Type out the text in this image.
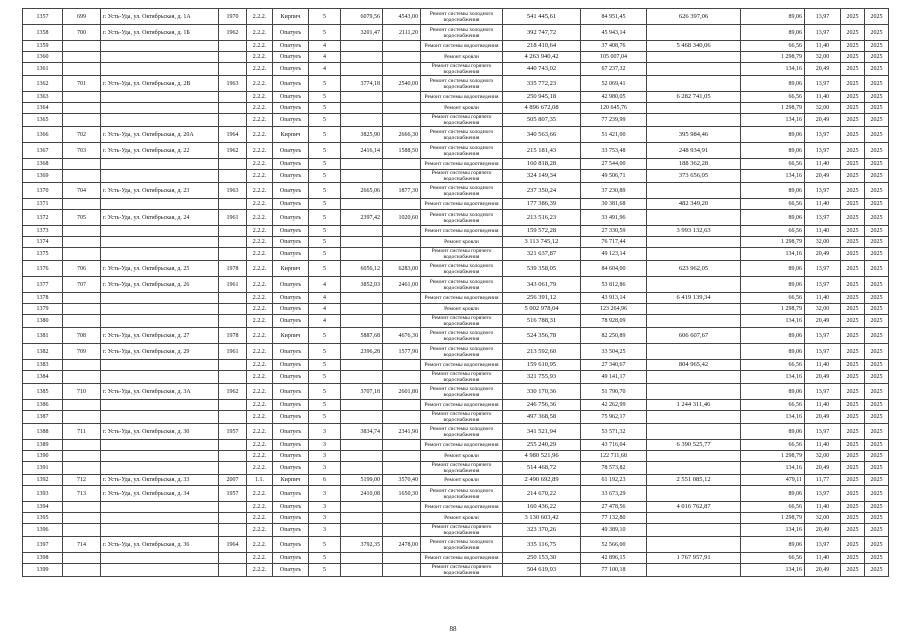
1357	699	г. Усть-Уда, ул. Октябрьская, д. 1А	1970	2.2.2.	Кирпич	5	6079,56	4543,00	Ремонт системы холодного водоснабжения	541 445,61	84 951,45	626 397,06	89,06	13,97	2025	2025
1358	700	г. Усть-Уда, ул. Октябрьская, д. 1Б	1962	2.2.2.	Опатуеъ	5	3201,47	2111,20	Ремонт системы холодного водоснабжения	392 747,72	45 943,14		89,06	13,97	2025	2025
1359				2.2.2.	Опатуеъ	4			Ремонт системы водоотведения	218 410,64	37 408,76	5 468 340,06	66,56	11,40	2025	2025
1360				2.2.2.	Опатуеъ	4			Ремонт кровли	4 263 940,42	105 007,04		1 298,79	32,00	2025	2025
1361				2.2.2.	Опатуеъ	4			Ремонт системы горячего водоснабжения	440 743,02	67 237,32		134,16	20,49	2025	2025
1362	701	г. Усть-Уда, ул. Октябрьская, д. 2В	1963	2.2.2.	Опатуеъ	5	3774,18	2540,00	Ремонт системы холодного водоснабжения	335 772,23	52 069,41		89,06	13,97	2025	2025
1363				2.2.2.	Опатуеъ	5			Ремонт системы водоотведения	250 945,18	42 980,05	6 282 741,05	66,56	11,40	2025	2025
1364				2.2.2.	Опатуеъ	5			Ремонт кровли	4 896 672,08	120 645,76		1 298,79	32,00	2025	2025
1365				2.2.2.	Опатуеъ	5			Ремонт системы горячего водоснабжения	505 807,35	77 239,99		134,16	20,49	2025	2025
1366	702	г. Усть-Уда, ул. Октябрьская, д. 20А	1964	2.2.2.	Кирпич	5	3825,90	2666,30	Ремонт системы холодного водоснабжения	340 563,66	51 421,00	395 984,46	89,06	13,97	2025	2025
1367	703	г. Усть-Уда, ул. Октябрьская, д. 22	1962	2.2.2.	Опатуеъ	5	2416,14	1588,50	Ремонт системы холодного водоснабжения	215 181,43	33 753,48	248 934,91	89,06	13,97	2025	2025
1368				2.2.2.	Опатуеъ	5			Ремонт системы водоотведения	160 818,28	27 544,00	188 362,28	66,56	11,40	2025	2025
1369				2.2.2.	Опатуеъ	5			Ремонт системы горячего водоснабжения	324 149,34	49 506,71	373 656,05	134,16	20,49	2025	2025
1370	704	г. Усть-Уда, ул. Октябрьская, д. 23	1963	2.2.2.	Опатуеъ	5	2665,06	1877,30	Ремонт системы холодного водоснабжения	237 350,24	37 230,89		89,06	13,97	2025	2025
1371				2.2.2.	Опатуеъ	5			Ремонт системы водоотведения	177 386,39	30 381,68	482 349,20	66,56	11,40	2025	2025
1372	705	г. Усть-Уда, ул. Октябрьская, д. 24	1961	2.2.2.	Опатуеъ	5	2397,42	1020,60	Ремонт системы холодного водоснабжения	213 516,23	33 491,96		89,06	13,97	2025	2025
1373				2.2.2.	Опатуеъ	5			Ремонт системы водоотведения	159 572,28	27 330,59	3 993 132,63	66,56	11,40	2025	2025
1374				2.2.2.	Опатуеъ	5			Ремонт кровли	3 113 745,12	76 717,44		1 298,79	32,00	2025	2025
1375				2.2.2.	Опатуеъ	5			Ремонт системы горячего водоснабжения	321 637,87	49 123,14		134,16	20,49	2025	2025
1376	706	г. Усть-Уда, ул. Октябрьская, д. 25	1978	2.2.2.	Кирпич	5	6056,12	6283,00	Ремонт системы холодного водоснабжения	539 358,05	84 604,00	623 962,05	89,06	13,97	2025	2025
1377	707	г. Усть-Уда, ул. Октябрьская, д. 26	1961	2.2.2.	Опатуеъ	4	3852,03	2461,00	Ремонт системы холодного водоснабжения	343 061,79	53 812,86		89,06	13,97	2025	2025
1378				2.2.2.	Опатуеъ	4			Ремонт системы водоотведения	256 391,12	43 913,14	6 419 139,34	66,56	11,40	2025	2025
1379				2.2.2.	Опатуеъ	4			Ремонт кровли	5 002 978,04	123 264,96		1 298,79	32,00	2025	2025
1380				2.2.2.	Опатуеъ	4			Ремонт системы горячего водоснабжения	516 788,31	78 928,09		134,16	20,49	2025	2025
1381	708	г. Усть-Уда, ул. Октябрьская, д. 27	1978	2.2.2.	Кирпич	5	5887,68	4676,30	Ремонт системы холодного водоснабжения	524 356,78	82 250,89	606 607,67	89,06	13,97	2025	2025
1382	709	г. Усть-Уда, ул. Октябрьская, д. 29	1961	2.2.2.	Опатуеъ	5	2396,28	1577,90	Ремонт системы холодного водоснабжения	213 592,60	33 504,25		89,06	13,97	2025	2025
1383				2.2.2.	Опатуеъ	5			Ремонт системы водоотведения	159 610,95	27 340,67	804 965,42	66,56	11,40	2025	2025
1384				2.2.2.	Опатуеъ	5			Ремонт системы горячего водоснабжения	321 755,93	49 141,17		134,16	20,49	2025	2025
1385	710	г. Усть-Уда, ул. Октябрьская, д. 3А	1962	2.2.2.	Опатуеъ	5	3707,18	2601,80	Ремонт системы холодного водоснабжения	330 170,36	51 790,70		89,06	13,97	2025	2025
1386				2.2.2.	Опатуеъ	5			Ремонт системы водоотведения	246 756,36	42 262,99	1 244 311,46	66,56	11,40	2025	2025
1387				2.2.2.	Опатуеъ	5			Ремонт системы горячего водоснабжения	497 368,58	75 962,17		134,16	20,49	2025	2025
1388	711	г. Усть-Уда, ул. Октябрьская, д. 30	1957	2.2.2.	Опатуеъ	3	3834,74	2341,90	Ремонт системы холодного водоснабжения	341 521,94	53 571,32		89,06	13,97	2025	2025
1389				2.2.2.	Опатуеъ	3			Ремонт системы водоотведения	255 240,29	43 716,04	6 390 525,77	66,56	11,40	2025	2025
1390				2.2.2.	Опатуеъ	3			Ремонт кровли	4 980 521,96	122 711,68		1 298,79	32,00	2025	2025
1391				2.2.2.	Опатуеъ	3			Ремонт системы горячего водоснабжения	514 468,72	78 573,82		134,16	20,49	2025	2025
1392	712	г. Усть-Уда, ул. Октябрьская, д. 33	2007	1.1.	Кирпич	6	5199,00	3570,40	Ремонт кровли	2 490 692,89	61 192,23	2 551 085,12	479,11	11,77	2025	2025
1393	713	г. Усть-Уда, ул. Октябрьская, д. 34	1957	2.2.2.	Опатуеъ	3	2410,08	1650,30	Ремонт системы холодного водоснабжения	214 670,22	33 673,29		89,06	13,97	2025	2025
1394				2.2.2.	Опатуеъ	3			Ремонт системы водоотведения	160 436,22	27 478,56	4 016 762,87	66,56	11,40	2025	2025
1395				2.2.2.	Опатуеъ	3			Ремонт кровли	3 130 603,42	77 132,80		1 298,79	32,00	2025	2025
1396				2.2.2.	Опатуеъ	3			Ремонт системы горячего водоснабжения	323 370,26	49 389,10		134,16	20,49	2025	2025
1397	714	г. Усть-Уда, ул. Октябрьская, д. 36	1964	2.2.2.	Опатуеъ	5	3792,35	2478,00	Ремонт системы холодного водоснабжения	335 116,75	52 566,00		89,06	13,97	2025	2025
1398				2.2.2.	Опатуеъ	5			Ремонт системы водоотведения	250 153,30	42 896,15	1 767 957,91	66,56	11,40	2025	2025
1399				2.2.2.	Опатуеъ	5			Ремонт системы горячего водоснабжения	504 619,93	77 100,18		134,16	20,49	2025	2025
88
